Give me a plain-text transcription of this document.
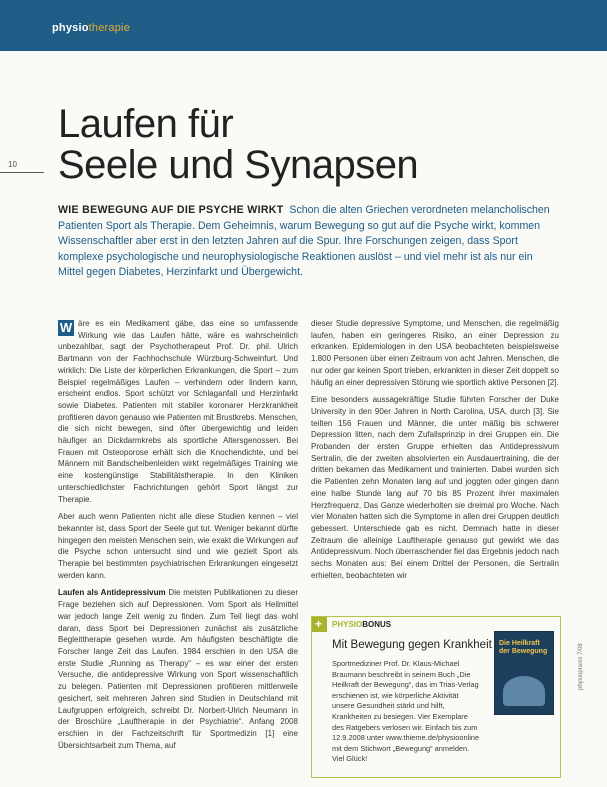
physiotherapie
10
Laufen für
Seele und Synapsen

WIE BEWEGUNG AUF DIE PSYCHE WIRKT Schon die alten Griechen verordneten melancholischen Patienten Sport als Therapie. Dem Geheimnis, warum Bewegung so gut auf die Psyche wirkt, kommen Wissenschaftler aber erst in den letzten Jahren auf die Spur. Ihre Forschungen zeigen, dass Sport komplexe psychologische und neurophysiologische Reaktionen auslöst – und viel mehr ist als nur ein Mittel gegen Diabetes, Herzinfarkt und Übergewicht.

W äre es ein Medikament gäbe, das eine so umfassende Wirkung wie das Laufen hätte, wäre es wahrscheinlich unbezahlbar, sagt der Psychotherapeut Prof. Dr. phil. Ulrich Bartmann von der Fachhochschule Würzburg-Schweinfurt. Und wirklich: Die Liste der körperlichen Erkrankungen, die Sport – zum Beispiel regelmäßiges Laufen – verhindern oder lindern kann, erscheint endlos. Sport schützt vor Schlaganfall und Herzinfarkt sowie Diabetes. Patienten mit stabiler koronarer Herzkrankheit profitieren davon genauso wie Patienten mit Brustkrebs. Menschen, die sich nicht bewegen, sind öfter übergewichtig und leiden häufiger an Dickdarmkrebs als sportliche Altersgenossen. Bei Frauen mit Osteoporose erhält sich die Knochendichte, und bei Männern mit Bandscheibenleiden wirkt regelmäßiges Training wie eine kostengünstige Stabilitätstherapie. In den Kliniken unterschiedlichster Fachrichtungen gehört Sport längst zur Therapie.

Aber auch wenn Patienten nicht alle diese Studien kennen – viel bekannter ist, dass Sport der Seele gut tut. Weniger bekannt dürfte hingegen den meisten Menschen sein, wie exakt die Wirkungen auf die Psyche schon untersucht sind und wie gezielt Sport als Therapie bei bestimmten psychiatrischen Erkrankungen eingesetzt werden kann.

Laufen als Antidepressivum Die meisten Publikationen zu dieser Frage beziehen sich auf Depressionen. Vom Sport als Heilmittel war jedoch lange Zeit wenig zu finden. Zum Teil liegt das wohl daran, dass Sport bei Depressionen zunächst als zusätzliche Begleittherapie gesehen wurde. Am häufigsten beschäftigte die Forscher lange Zeit das Laufen. 1984 erschien in den USA die erste Studie „Running as Therapy“ – es war einer der ersten Versuche, die antidepressive Wirkung von Sport wissenschaftlich zu belegen. Patienten mit Depressionen profitieren mittlerweile gesichert, seit mehreren Jahren sind Studien in Deutschland mit Laufgruppen erfolgreich, schreibt Dr. Norbert-Ulrich Neumann in der Broschüre „Lauftherapie in der Psychiatrie“. Anfang 2008 erschien in der Fachzeitschrift für Sportmedizin [1] eine Übersichtsarbeit zum Thema, auf

dieser Studie depressive Symptome, und Menschen, die regelmäßig laufen, haben ein geringeres Risiko, an einer Depression zu erkranken. Epidemiologen in den USA beobachteten beispielsweise 1.800 Personen über einen Zeitraum von acht Jahren. Menschen, die nur oder gar keinen Sport trieben, erkrankten in dieser Zeit doppelt so häufig an einer depressiven Störung wie sportlich aktive Personen [2].

Eine besonders aussagekräftige Studie führten Forscher der Duke University in den 90er Jahren in North Carolina, USA, durch [3]. Sie teilten 156 Frauen und Männer, die unter mäßig bis schwerer Depression litten, nach dem Zufallsprinzip in drei Gruppen ein. Die Probanden der ersten Gruppe erhielten das Antidepressivum Sertralin, die der zweiten absolvierten ein Ausdauertraining, die der dritten bekamen das Medikament und trainierten. Dabei wurden sich die Patienten zehn Monaten lang auf und joggten oder gingen dann eine halbe Stunde lang auf 70 bis 85 Prozent ihrer maximalen Herzfrequenz. Das Ganze wiederholten sie dreimal pro Woche. Nach vier Monaten hatten sich die Symptome in allen drei Gruppen deutlich gebessert. Unterschiede gab es nicht. Demnach hatte in dieser Zeitraum die alleinige Lauftherapie genauso gut gewirkt wie das Antidepressivum. Noch überraschender fiel das Ergebnis jedoch nach sechs Monaten aus: Bei einem Drittel der Personen, die Sertralin erhielten, beobachteten wir

+ PHYSIOBONUS
Mit Bewegung gegen Krankheit

Sportmediziner Prof. Dr. Klaus-Michael Braumann beschreibt in seinem Buch „Die Heilkraft der Bewegung“, das im Trias-Verlag erschienen ist, wie körperliche Aktivität unsere Gesundheit stärkt und hilft, Krankheiten zu besiegen. Vier Exemplare des Ratgebers verlosen wir. Einfach bis zum 12.9.2008 unter www.thieme.de/physioonline mit dem Stichwort „Bewegung“ anmelden. Viel Glück!

Die Heilkraft der Bewegung	physiopraxis 7/08
